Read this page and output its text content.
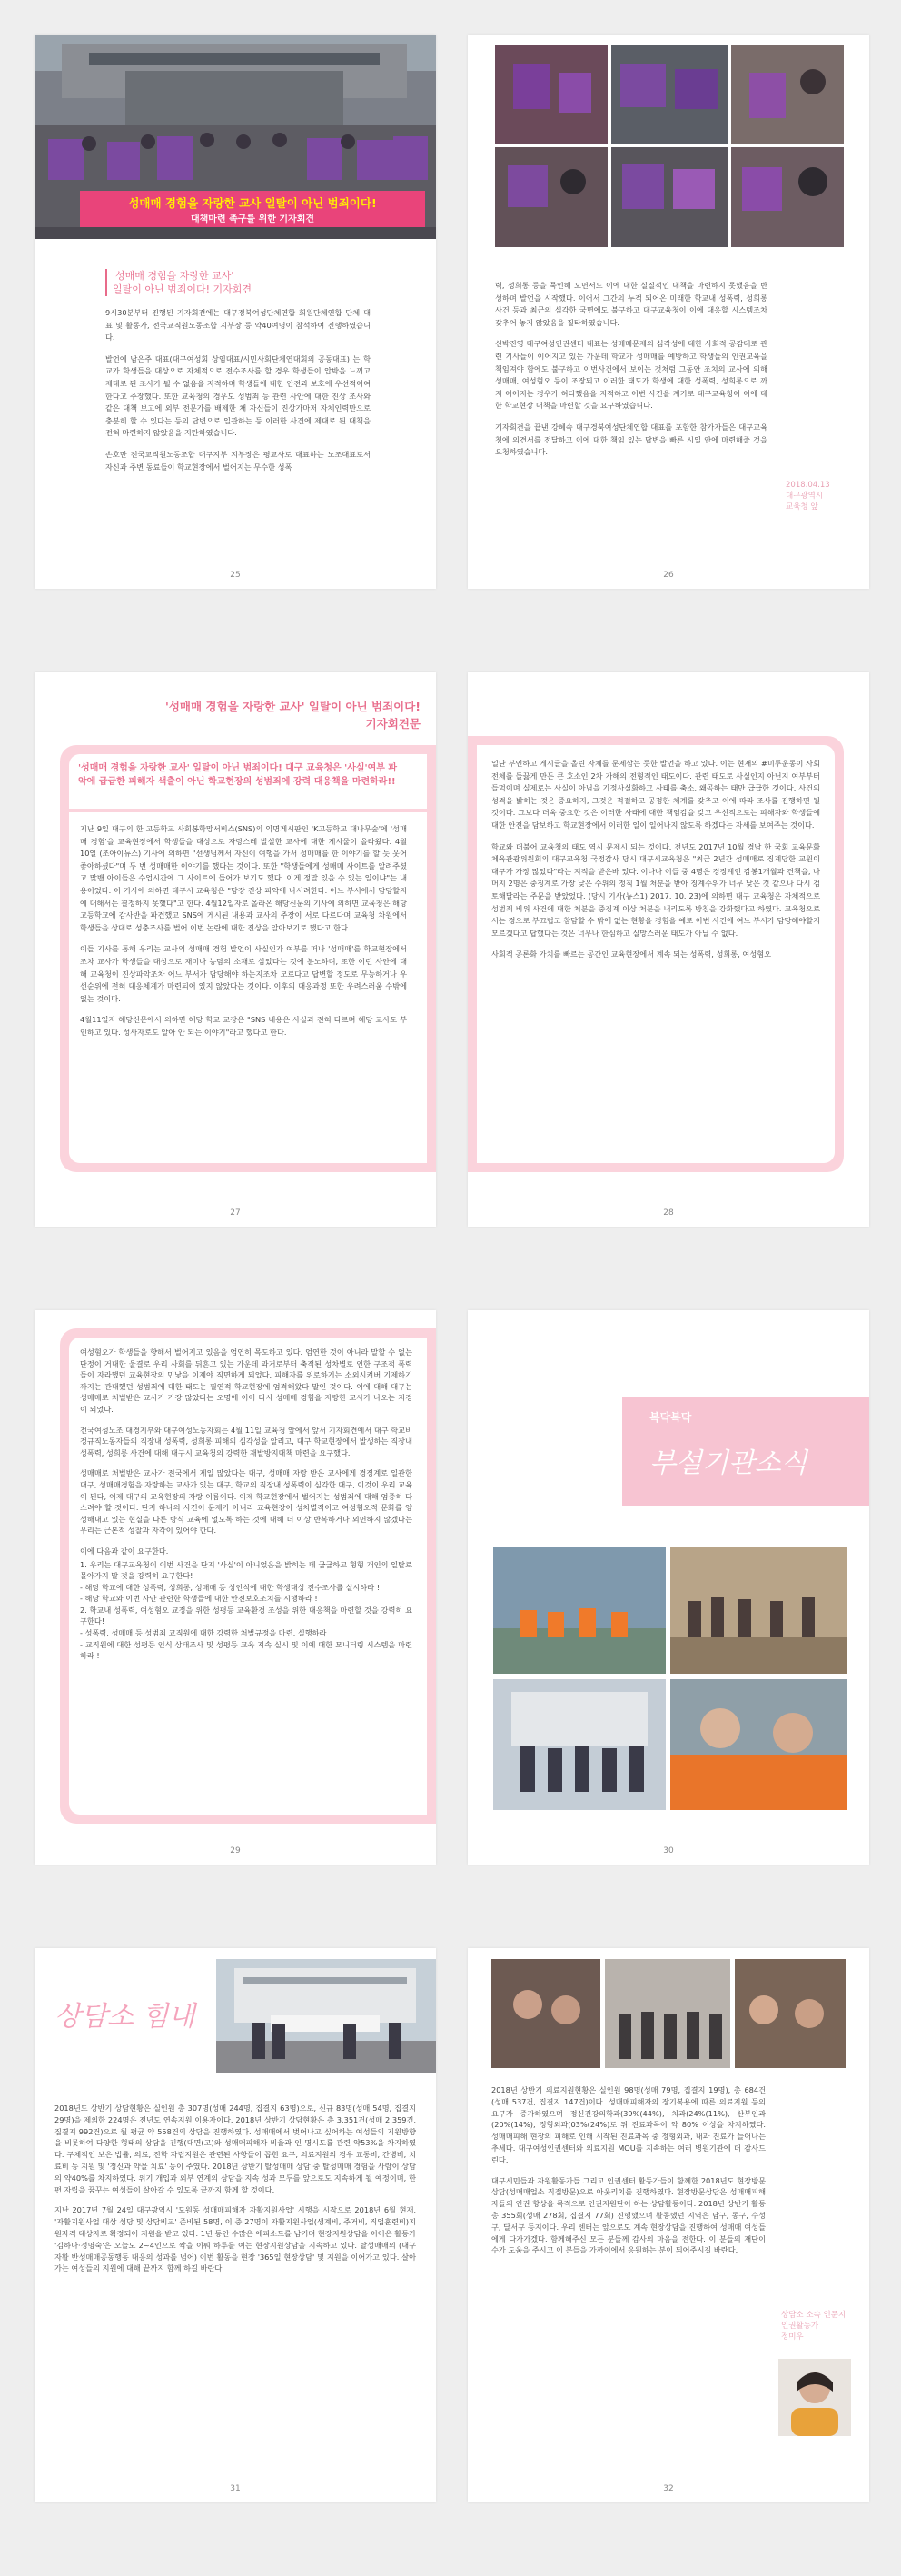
성매매 경험을 자랑한 교사 일탈이 아닌 범죄이다!
대책마련 촉구를 위한 기자회견
'성매매 경험을 자랑한 교사'
일탈이 아닌 범죄이다! 기자회견

9시30분부터 진행된 기자회견에는 대구경북여성단체연합 회원단체연합 단체 대표 및 활동가, 전국교직원노동조합 지부장 등 약40여명이 참석하여 진행하였습니다.

발언에 남은주 대표(대구여성회 상임대표/시민사회단체연대회의 공동대표) 는 학교가 학생들을 대상으로 자체적으로 전수조사를 할 경우 학생들이 압박을 느끼고 제대로 된 조사가 될 수 없음을 지적하며 학생들에 대한 안전과 보호에 우선적이여 한다고 주장했다. 또한 교육청의 경우도 성범죄 등 관련 사안에 대한 진상 조사와 같은 대책 보고에 외부 전문가를 배제한 채 자신들이 진상가마저 자체인력만으로 충분히 할 수 있다는 등의 답변으로 일관하는 등 이러한 사건에 제대로 된 대책을 전혀 마련하지 않았음을 지탄하였습니다.

손호만 전국교직원노동조합 대구지부 지부장은 평교사로 대표하는 노조대표로서 자신과 주변 동료들이 학교현장에서 벌어지는 무수한 성폭

25

력, 성희롱 등을 묵인해 오면서도 이에 대한 실질적인 대책을 마련하지 못했음을 반성하며 발언을 시작했다. 이어서 그간의 누적 되어온 미래한 학교내 성폭력, 성희롱 사건 등과 최근의 심각한 국면에도 불구하고 대구교육청이 이에 대응할 시스템조차 갖추어 놓지 않았음을 질타하였습니다.

신박진영 대구여성인권센터 대표는 성매매문제의 심각성에 대한 사회적 공감대로 관련 기사들이 이어지고 있는 가운데 학교가 성매매를 예방하고 학생들의 인권교육을 책임져야 함에도 불구하고 이번사건에서 보이는 것처럼 그동안 조치의 교사에 의해 성매매, 여성혐오 등이 조장되고 이러한 태도가 학생에 대한 성폭력, 성희롱으로 까지 이어지는 경우가 허다했음을 지적하고 이번 사건을 계기로 대구교육청이 이에 대한 학교현장 대책을 마련할 것을 요구하였습니다.

기자회견을 끝낸 강혜숙 대구경북여성단체연합 대표를 포함한 참가자들은 대구교육청에 의견서를 전달하고 이에 대한 책임 있는 답변을 빠른 시일 안에 마련해줄 것을 요청하였습니다.

2018.04.13
대구광역시
교육청 앞
26
'성매매 경험을 자랑한 교사' 일탈이 아닌 범죄이다!
기자회견문
'성매매 경험을 자랑한 교사' 일탈이 아닌 범죄이다! 대구 교육청은 '사실'여부 파악에 급급한 피해자 색출이 아닌 학교현장의 성범죄에 강력 대응책을 마련하라!!

지난 9일 대구의 한 고등학교 사회봉학망서비스(SNS)의 익명게시판인 'K고등학교 대나무숲'에 '성매매 경험'을 교육현장에서 학생들을 대상으로 자랑스레 발설한 교사에 대한 게시물이 올라왔다. 4월 10일 (조아이뉴스) 기사에 의하면 "선생님께서 자신이 여행을 가서 성매매를 한 이야기를 할 듯 웃어 좋아하셨다"며 두 번 성매매한 이야기를 했다는 것이다. 또한 "학생들에게 성매매 사이트를 알려주셨고 맞밴 아이들은 수업시간에 그 사이트에 들어가 보기도 했다. 이게 정말 있을 수 있는 일이냐"는 내용이었다. 이 기사에 의하면 대구시 교육청은 "당장 진상 파악에 나서려한다. 어느 부서에서 담당할지에 대해서는 결정하지 못했다"고 한다. 4월12일자로 올라온 해당신문의 기사에 의하면 교육청은 해당 고등학교에 감사반을 파견했고 SNS에 게시된 내용과 교사의 주장이 서로 다르다며 교육청 차원에서 학생들을 상대로 성충조사를 벌어 이번 논란에 대한 진상을 알아보기로 했다고 한다.

이들 기사를 통해 우리는 교사의 성매매 경험 발언이 사실인가 여부를 떠나 '성매매'를 학교현장에서 조차 교사가 학생들을 대상으로 재미나 농담의 소재로 삼았다는 것에 분노하며, 또한 이런 사안에 대해 교육청이 진상파악조차 어느 부서가 담당해야 하는지조차 모르다고 답변할 정도로 무능하거나 우선순위에 전혀 대응체계가 마련되어 있지 않았다는 것이다. 이후의 대응과정 또한 우려스러움 수밖에 없는 것이다.

4월11일자 해당신문에서 의하면 해당 학교 교장은 "SNS 내용은 사실과 전혀 다르며 해당 교사도 부인하고 있다. 성사자로도 알아 안 되는 이야기"라고 했다고 한다.

27

일단 부인하고 게시글을 올린 자체를 문제삼는 듯한 발언을 하고 있다. 이는 현재의 #미투운동이 사회전체를 들끓게 만든 큰 호소인 2차 가해의 전형적인 태도이다. 관련 태도로 사실인지 아닌지 여부부터 들먹이며 실제로는 사실이 아님을 기정사실화하고 사태를 축소, 왜곡하는 태만 급급한 것이다. 사건의 성격을 밝히는 것은 중요하지, 그것은 적절하고 공정한 체계를 갖추고 이에 따라 조사를 진행하면 될 것이다. 그보다 더욱 중요한 것은 이러한 사태에 대한 책임감을 갖고 우선적으로는 피해자와 학생들에 대한 안전을 담보하고 학교현장에서 이러한 일이 일어나지 않도록 하겠다는 자세를 보여주는 것이다.

학교와 더불어 교육청의 태도 역시 문제시 되는 것이다. 전년도 2017년 10월 경남 한 국회 교육문화체육관광위원회의 대구교육청 국정감사 당시 대구시교육청은 "최근 2년간 성매매로 징계당한 교원이 대구가 가장 많았다"라는 지적을 받은바 있다. 이나나 이들 중 4명은 경징계인 감봉1개월과 견책을, 나머지 2명은 중징계로 가장 낮은 수위의 정직 1월 처분을 받아 징계수위가 너무 낮은 것 같으나 다시 검토해달라는 주문을 받았었다. (당시 기사(뉴스1) 2017. 10. 23)에 의하면 대구 교육청은 자체적으로 성범죄 비위 사건에 대한 처분을 중징계 이상 처분을 내리도록 방침을 강화했다고 하였다. 교육청으로서는 정으로 부끄럽고 참담할 수 밖에 없는 현황을 경험을 예로 이번 사건에 여느 부서가 담당해야할지 모르겠다고 답했다는 것은 너무나 한심하고 실망스러운 태도가 아닐 수 없다.

사회적 공론화 가치를 빠르는 공간인 교육현장에서 계속 되는 성폭력, 성희롱, 여성혐오

28

여성혐오가 학생들을 향해서 벌어지고 있음을 엄연히 목도하고 있다. 엄연한 것이 아니라 말할 수 없는 단정이 거대한 울결로 우리 사회를 뒤흔고 있는 가운데 과거로부터 축적된 성차별로 인한 구조적 폭력들이 자라했던 교육현장의 민낯을 이제야 직면하게 되었다. 피해자를 위로하기는 소외시켜버 기제하기까지는 관대했던 성범죄에 대한 태도는 필연적 학교현장에 엄격해왔다 말인 것이다. 이에 대해 대구는 성매매로 처벌받은 교사가 가장 많았다는 오명에 이어 다시 성매매 경험을 자랑한 교사가 나오는 지경이 되었다.

전국여성노조 대경지부와 대구여성노동자회는 4월 11일 교육청 앞에서 앞서 기자회견에서 대구 학교비정규직노동자들의 직장내 성폭력, 성희롱 피해의 심각성을 알리고, 대구 학교현장에서 발생하는 직장내 성폭력, 성희롱 사건에 대해 대구시 교육청의 강력한 재발방지대책 마련을 요구했다.

성매매로 처벌받은 교사가 전국에서 제일 많았다는 대구, 성매매 자랑 받은 교사에게 경징계로 일관한 대구, 성매매경험을 자랑하는 교사가 있는 대구, 학교의 직장내 성폭력이 심각한 대구, 이것이 우리 교육이 된다, 이제 대구의 교육현장의 자랑 이름이다. 이제 학교현장에서 벌어지는 성범죄에 대해 엄중히 다스려야 할 것이다. 단지 하나의 사건이 문제가 아니라 교육현장이 성차별적이고 여성혐오적 문화를 양성해내고 있는 현실을 다른 방식 교육에 없도록 하는 것에 대해 더 이상 반복하거나 외면하지 않겠다는 우리는 근본적 성찰과 자각이 있어야 한다.

이에 다음과 같이 요구한다.

1. 우리는 대구교육청이 이번 사건을 단지 '사실'이 아니었음을 밝히는 데 급급하고 형형 개인의 일탈로 몰아가지 말 것을 강력히 요구한다!
- 해당 학교에 대한 성폭력, 성희롱, 성매매 등 성인식에 대한 학생대상 전수조사를 실시하라 !
- 해당 학교와 이번 사안 관련한 학생들에 대한 안전보호조치를 시행하라 !
2. 학교내 성폭력, 여성혐오 교정을 위한 성평등 교육환경 조성을 위한 대응책을 마련할 것을 강력히 요구한다!
- 성폭력, 성매매 등 성범죄 교직원에 대한 강력한 처벌규정을 마련, 실행하라
- 교직원에 대한 성평등 인식 상태조사 및 성평등 교육 지속 실시 및 이에 대한 모니터링 시스템을 마련하라 !
29
복닥복닥
부설기관소식
30
상담소 힘내

2018년도 상반기 상담현황은 실인원 총 307명(성매 244명, 집결지 63명)으로, 신규 83명(성매 54명, 집결지 29명)을 제외한 224명은 전년도 연속지원 이용자이다. 2018년 상반기 상담현황은 총 3,351건(성매 2,359건, 집결지 992건)으로 월 평균 약 558건의 상담을 진행하였다. 성매매에서 벗어나고 싶어하는 여성들의 지원방향을 비롯하여 다양한 형태의 상담을 진행(대면(고)와 성매매피해자 비율과 인 명시도를 관련 약53%을 차지하였다. 구체적인 보은 법률, 의료, 진학 자립지원은 관련된 사항들이 꼽힌 요구, 의료지원의 경우 교통비, 간병비, 치료비 등 지원 및 '정신과 약물 치료' 등이 주였다. 2018년 상반기 탈성매매 상담 중 탈성매매 경험을 사람이 상담의 약40%를 차지하였다. 위기 개입과 외부 연계의 상담을 지속 성과 모두를 앞으로도 지속하게 될 예정이며, 한편 자립을 꿈꾸는 여성들이 살아갈 수 있도록 끝까지 함께 할 것이다.

지난 2017년 7월 24일 대구광역시 '도원동 성매매피해자 자활지원사업' 시행을 시작으로 2018년 6월 현재, '자활지원사업 대상 성당 및 상담비교' 준비된 58명, 이 중 27명이 자활지원사업(생계비, 주거비, 직업훈련비)지원자격 대상자로 확정되어 지원을 받고 있다. 1년 동안 수많은 에피소드를 남기며 현장지원상담을 이어온 활동가 '김하나·정명숙'은 오늘도 2~4인으로 짝을 이뤄 하루를 여는 현장지원상담을 지속하고 있다. 탈성매매의 (대구자활 반성매매공동행동 대응의 성과를 넘어) 이번 활동을 현장 '365일 현장상담' 및 지원을 이어가고 있다. 살아가는 여성들의 지원에 대해 끝까지 함께 하길 바란다.

31

2018년 상반기 의료지원현황은 실인원 98명(성매 79명, 집결지 19명), 총 684건(성매 537건, 집결지 147건)이다. 성매매피해자의 장기복용에 따른 의료지원 등의 요구가 증가하였으며 정신건강의학과(39%(44%), 치과(24%(11%), 산부인과(20%(14%), 정형외과(03%(24%)로 뒤 진료과목이 약 80% 이상을 차지하였다. 성매매피해 현장의 피해로 인해 시작된 진료과목 중 정형외과, 내과 진료가 늘어나는 추세다. 대구여성인권센터와 의료지원 MOU를 지속하는 여러 병원기관에 더 감사드린다.

대구시민들과 자원활동가들 그리고 인권센터 활동가들이 함께한 2018년도 현장방문상담(성매매업소 직접방문)으로 아웃리치를 진행하였다. 현장방문상담은 성매매피해자들의 인권 향상을 목적으로 인권지원단이 하는 상담활동이다. 2018년 상반기 활동 총 355회(성매 278회, 집결지 77회) 진행했으며 활동했던 지역은 남구, 동구, 수성구, 달서구 등지이다. 우리 센터는 앞으로도 계속 현장상담을 진행하여 성매매 여성들에게 다가가겠다. 함께해주신 모든 분들께 감사의 마음을 전한다. 이 분들의 재단이 수가 도움을 주시고 이 분들을 가까이에서 응원하는 분이 되어주시길 바란다.

상담소 소속 인문지
인권활동가
정미우
32
